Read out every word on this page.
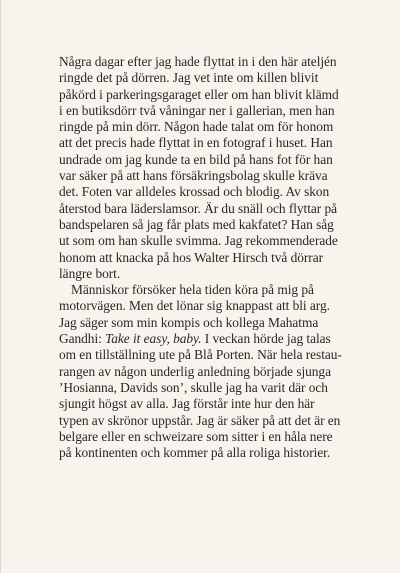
Några dagar efter jag hade flyttat in i den här ateljén
ringde det på dörren. Jag vet inte om killen blivit
påkörd i parkeringsgaraget eller om han blivit klämd
i en butiksdörr två våningar ner i gallerian, men han
ringde på min dörr. Någon hade talat om för honom
att det precis hade flyttat in en fotograf i huset. Han
undrade om jag kunde ta en bild på hans fot för han
var säker på att hans försäkringsbolag skulle kräva
det. Foten var alldeles krossad och blodig. Av skon
återstod bara läderslamsor. Är du snäll och flyttar på
bandspelaren så jag får plats med kakfatet? Han såg
ut som om han skulle svimma. Jag rekommenderade
honom att knacka på hos Walter Hirsch två dörrar
längre bort.

Människor försöker hela tiden köra på mig på
motorvägen. Men det lönar sig knappast att bli arg.
Jag säger som min kompis och kollega Mahatma
Gandhi: Take it easy, baby. I veckan hörde jag talas
om en tillställning ute på Blå Porten. När hela restau-
rangen av någon underlig anledning började sjunga
’Hosianna, Davids son’, skulle jag ha varit där och
sjungit högst av alla. Jag förstår inte hur den här
typen av skrönor uppstår. Jag är säker på att det är en
belgare eller en schweizare som sitter i en håla nere
på kontinenten och kommer på alla roliga historier.
